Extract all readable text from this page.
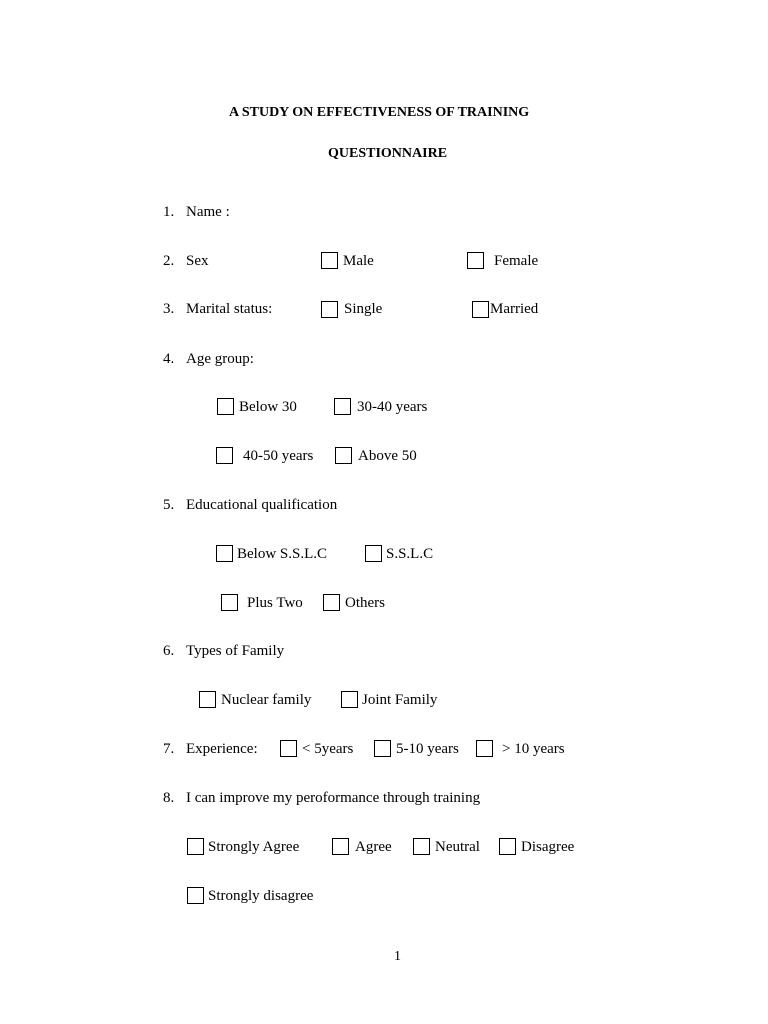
A STUDY ON EFFECTIVENESS OF TRAINING
QUESTIONNAIRE
1. Name :
2. Sex	Male	Female
3. Marital status:	Single	Married
4. Age group:
Below 30	30-40 years
40-50 years	Above 50
5. Educational qualification
Below S.S.L.C	S.S.L.C
Plus Two	Others
6. Types of Family
Nuclear family	Joint Family
7. Experience:	< 5years	5-10 years	> 10 years
8. I can improve my peroformance through training
Strongly Agree	Agree	Neutral	Disagree
Strongly disagree
1
